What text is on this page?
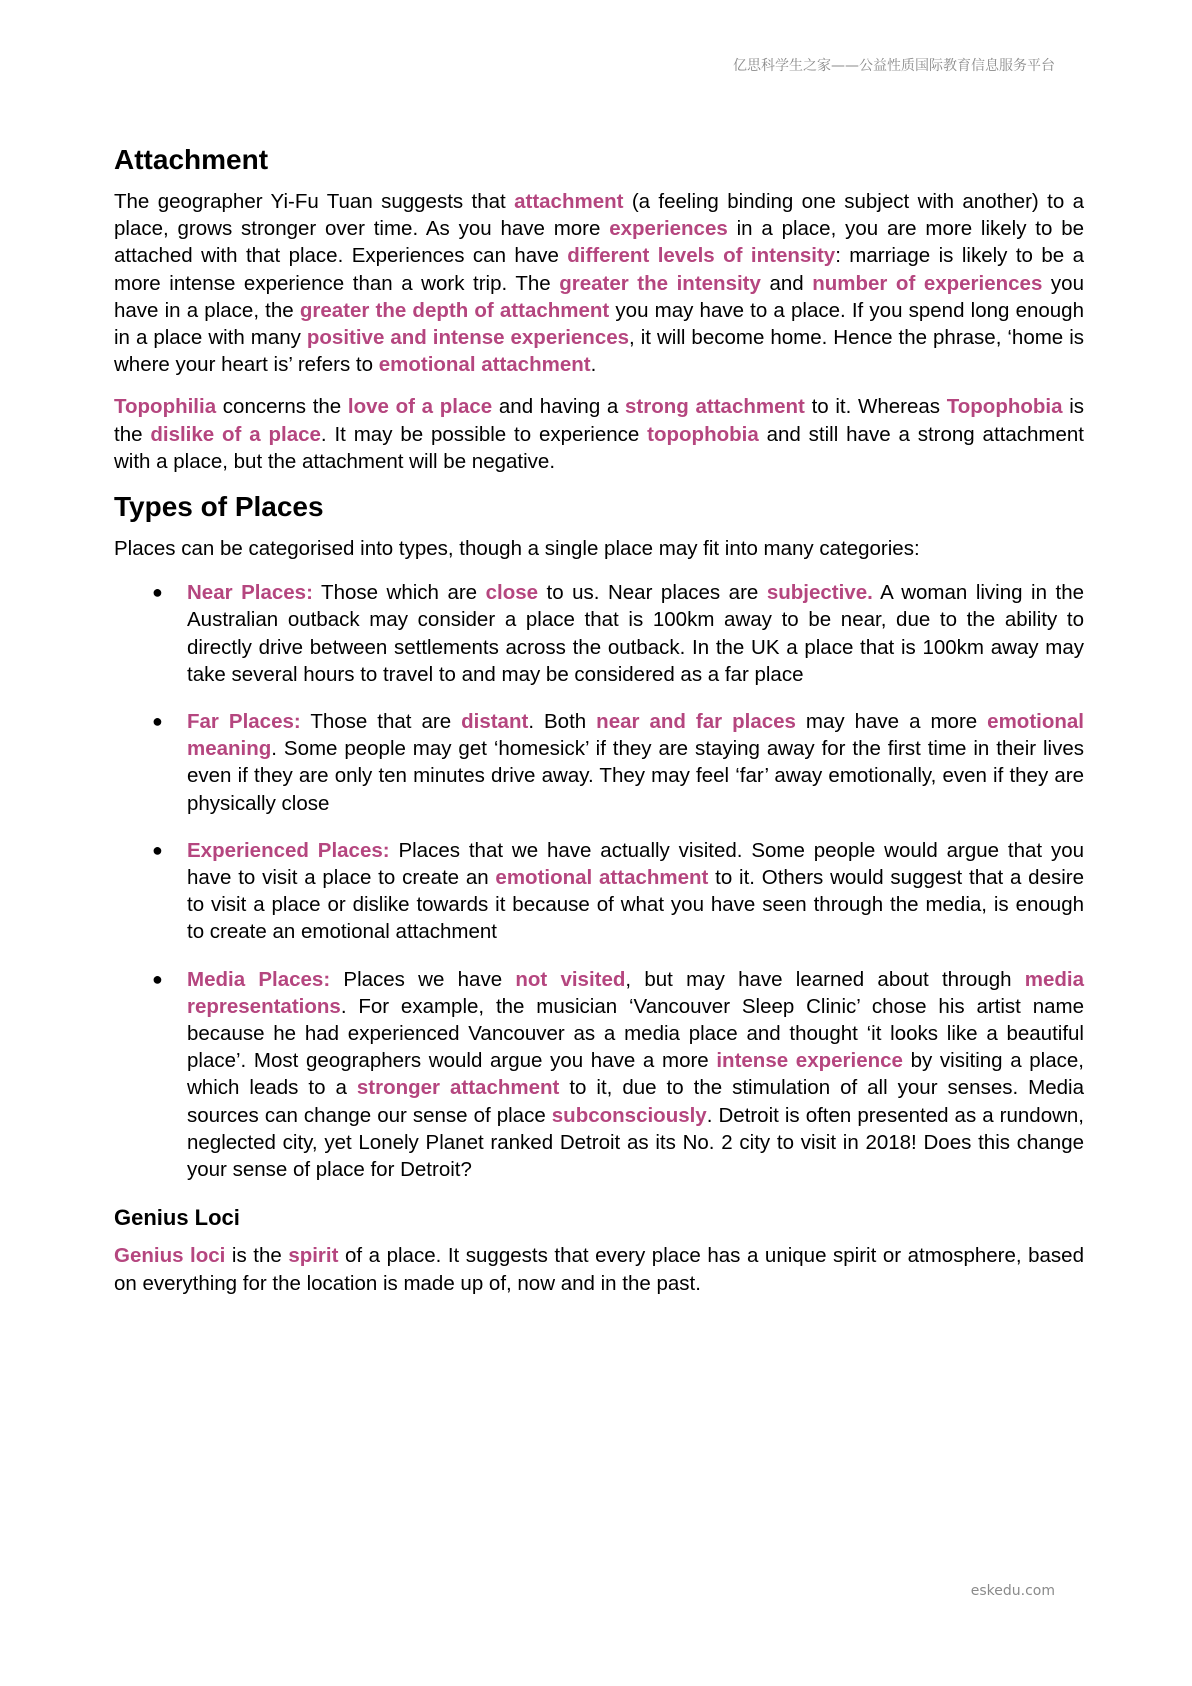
亿思科学生之家——公益性质国际教育信息服务平台
Attachment

The geographer Yi-Fu Tuan suggests that attachment (a feeling binding one subject with another) to a place, grows stronger over time. As you have more experiences in a place, you are more likely to be attached with that place. Experiences can have different levels of intensity: marriage is likely to be a more intense experience than a work trip. The greater the intensity and number of experiences you have in a place, the greater the depth of attachment you may have to a place. If you spend long enough in a place with many positive and intense experiences, it will become home. Hence the phrase, ‘home is where your heart is’ refers to emotional attachment.

Topophilia concerns the love of a place and having a strong attachment to it. Whereas Topophobia is the dislike of a place. It may be possible to experience topophobia and still have a strong attachment with a place, but the attachment will be negative.

Types of Places

Places can be categorised into types, though a single place may fit into many categories:

● Near Places: Those which are close to us. Near places are subjective. A woman living in the Australian outback may consider a place that is 100km away to be near, due to the ability to directly drive between settlements across the outback. In the UK a place that is 100km away may take several hours to travel to and may be considered as a far place

● Far Places: Those that are distant. Both near and far places may have a more emotional meaning. Some people may get ‘homesick’ if they are staying away for the first time in their lives even if they are only ten minutes drive away. They may feel ‘far’ away emotionally, even if they are physically close

● Experienced Places: Places that we have actually visited. Some people would argue that you have to visit a place to create an emotional attachment to it. Others would suggest that a desire to visit a place or dislike towards it because of what you have seen through the media, is enough to create an emotional attachment

● Media Places: Places we have not visited, but may have learned about through media representations. For example, the musician ‘Vancouver Sleep Clinic’ chose his artist name because he had experienced Vancouver as a media place and thought ‘it looks like a beautiful place’. Most geographers would argue you have a more intense experience by visiting a place, which leads to a stronger attachment to it, due to the stimulation of all your senses. Media sources can change our sense of place subconsciously. Detroit is often presented as a rundown, neglected city, yet Lonely Planet ranked Detroit as its No. 2 city to visit in 2018! Does this change your sense of place for Detroit?

Genius Loci

Genius loci is the spirit of a place. It suggests that every place has a unique spirit or atmosphere, based on everything for the location is made up of, now and in the past.

eskedu.com
